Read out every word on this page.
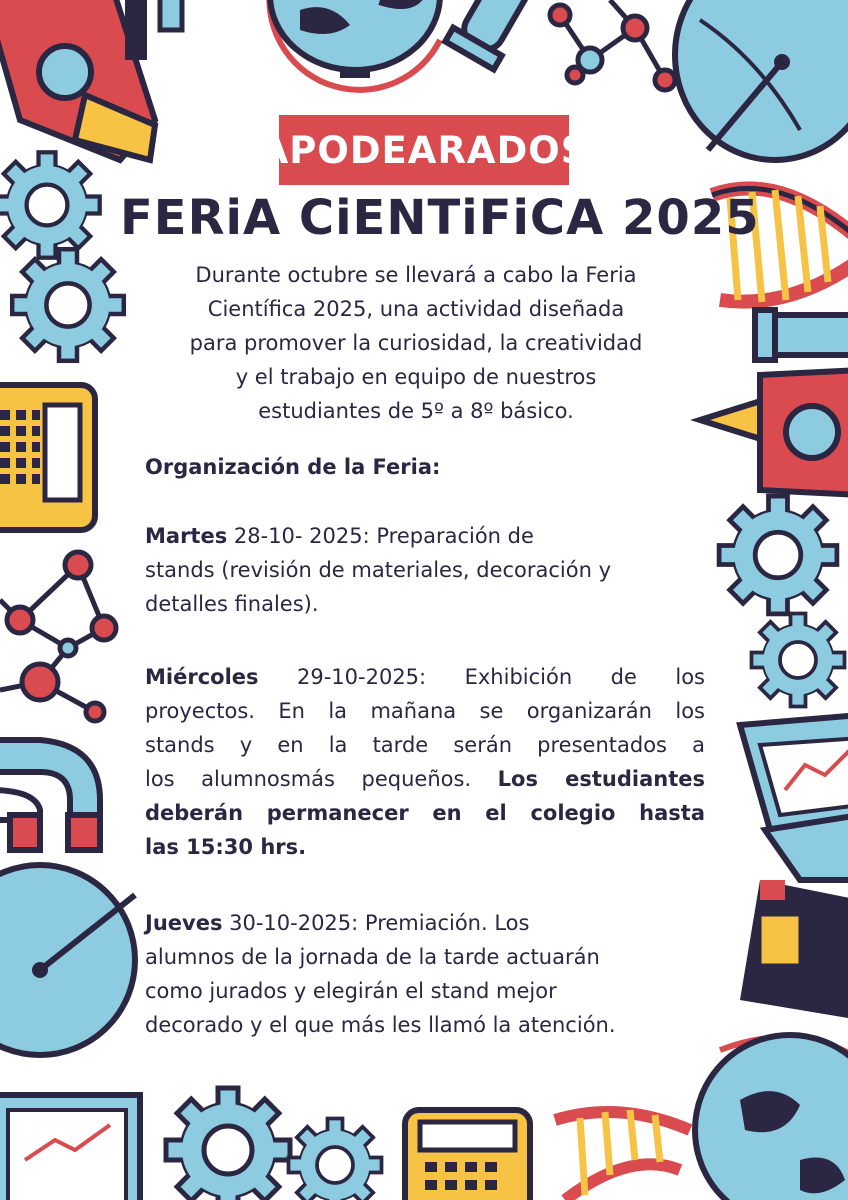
APODEARADOS
FERiA CiENTiFiCA 2025
Durante octubre se llevará a cabo la Feria
Científica 2025, una actividad diseñada
para promover la curiosidad, la creatividad
y el trabajo en equipo de nuestros
estudiantes de 5º a 8º básico.
Organización de la Feria:
Martes 28-10- 2025: Preparación de
stands (revisión de materiales, decoración y
detalles finales).
Miércoles 29-10-2025: Exhibición de los
proyectos. En la mañana se organizarán los
stands y en la tarde serán presentados a
los alumnosmás pequeños. Los estudiantes
deberán permanecer en el colegio hasta
las 15:30 hrs.
Jueves 30-10-2025: Premiación. Los
alumnos de la jornada de la tarde actuarán
como jurados y elegirán el stand mejor
decorado y el que más les llamó la atención.
